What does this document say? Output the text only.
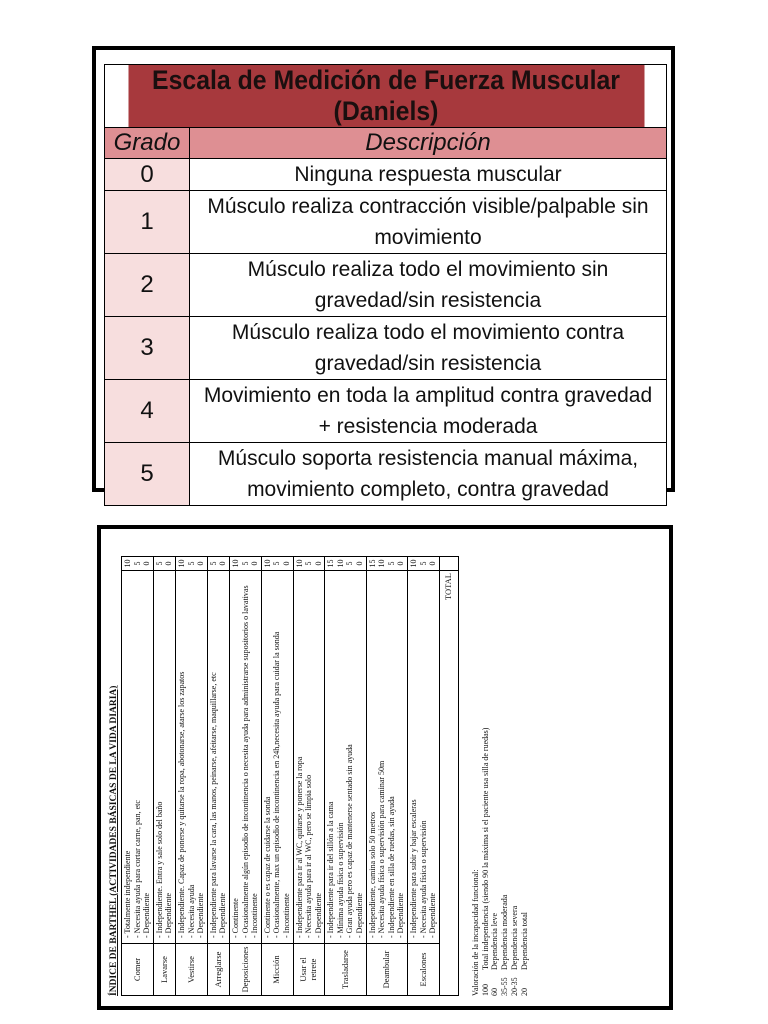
Escala de Medición de Fuerza Muscular (Daniels)	

Grado	Descripción
0	Ninguna respuesta muscular
1	Músculo realiza contracción visible/palpable sin movimiento
2	Músculo realiza todo el movimiento sin gravedad/sin resistencia
3	Músculo realiza todo el movimiento contra gravedad/sin resistencia
4	Movimiento en toda la amplitud contra gravedad + resistencia moderada
5	Músculo soporta resistencia manual máxima, movimiento completo, contra gravedad
ÍNDICE DE BARTHEL (ACTIVIDADES BÁSICAS DE LA VIDA DIARIA) Comer	- Totalmente independiente - Necesita ayuda para cortar carne, pan, etc - Dependiente	10 5 0

Lavarse	- Independiente. Entra y sale solo del baño - Dependiente	5 0

Vestirse	- Independiente. Capaz de ponerse y quitarse la ropa, abotonarse, atarse los zapatos - Necesita ayuda - Dependiente	10 5 0

Arreglarse	- Independiente para lavarse la cara, las manos, peinarse, afeitarse, maquillarse, etc - Dependiente	5 0

Deposiciones	- Continente - Ocasionalmente algún episodio de incontinencia o necesita ayuda para administrarse supositorios o lavativas - Incontinente	10 5 0

Micción	- Continente o es capaz de cuidarse la sonda - Ocasionalmente, max un episodio de incontinencia en 24h,necesita ayuda para cuidar la sonda - Incontinente	10 5 0

Usar el retrete	- Independiente para ir al WC, quitarse y ponerse la ropa - Necesita ayuda para ir al WC, pero se limpia solo - Dependiente	10 5 0

Trasladarse	- Independiente para ir del sillón a la cama - Mínima ayuda física o supervisión - Gran ayuda pero es capaz de mantenerse sentado sin ayuda - Dependiente	15 10 5 0

Deambular	- Independiente, camina solo 50 metros - Necesita ayuda física o supervisión para caminar 50m - Independiente en silla de ruedas, sin ayuda - Dependiente	15 10 5 0

Escalones	- Independiente para subir y bajar escaleras - Necesita ayuda física o supervisión - Dependiente	10 5 0

TOTAL		
Valoración de la incapacidad funcional: 100Total independencia (siendo 90 la máxima si el paciente usa silla de ruedas)
60Dependencia leve
35-55Dependencia moderada
20-35Dependencia severa
20Dependencia total
